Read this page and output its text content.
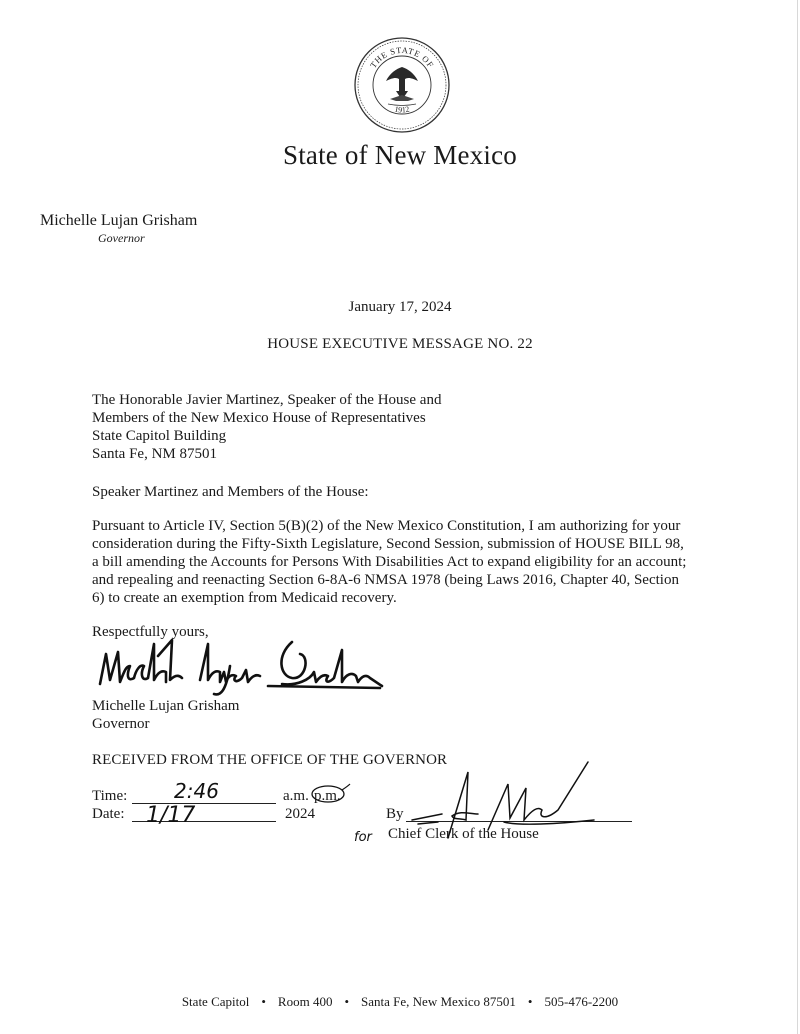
THE STATE OF
1912
State of New Mexico
Michelle Lujan Grisham
Governor
January 17, 2024
HOUSE EXECUTIVE MESSAGE NO. 22
The Honorable Javier Martinez, Speaker of the House and
Members of the New Mexico House of Representatives
State Capitol Building
Santa Fe, NM 87501
Speaker Martinez and Members of the House:
Pursuant to Article IV, Section 5(B)(2) of the New Mexico Constitution, I am authorizing for your
consideration during the Fifty-Sixth Legislature, Second Session, submission of HOUSE BILL 98,
a bill amending the Accounts for Persons With Disabilities Act to expand eligibility for an account;
and repealing and reenacting Section 6-8A-6 NMSA 1978 (being Laws 2016, Chapter 40, Section
6) to create an exemption from Medicaid recovery.
Respectfully yours,
Michelle Lujan Grisham
Governor
RECEIVED FROM THE OFFICE OF THE GOVERNOR
Time: 2:46	a.m. p.m.
Date: 1/17	2024	By
for Chief Clerk of the House
State Capitol • Room 400 • Santa Fe, New Mexico 87501 • 505-476-2200
